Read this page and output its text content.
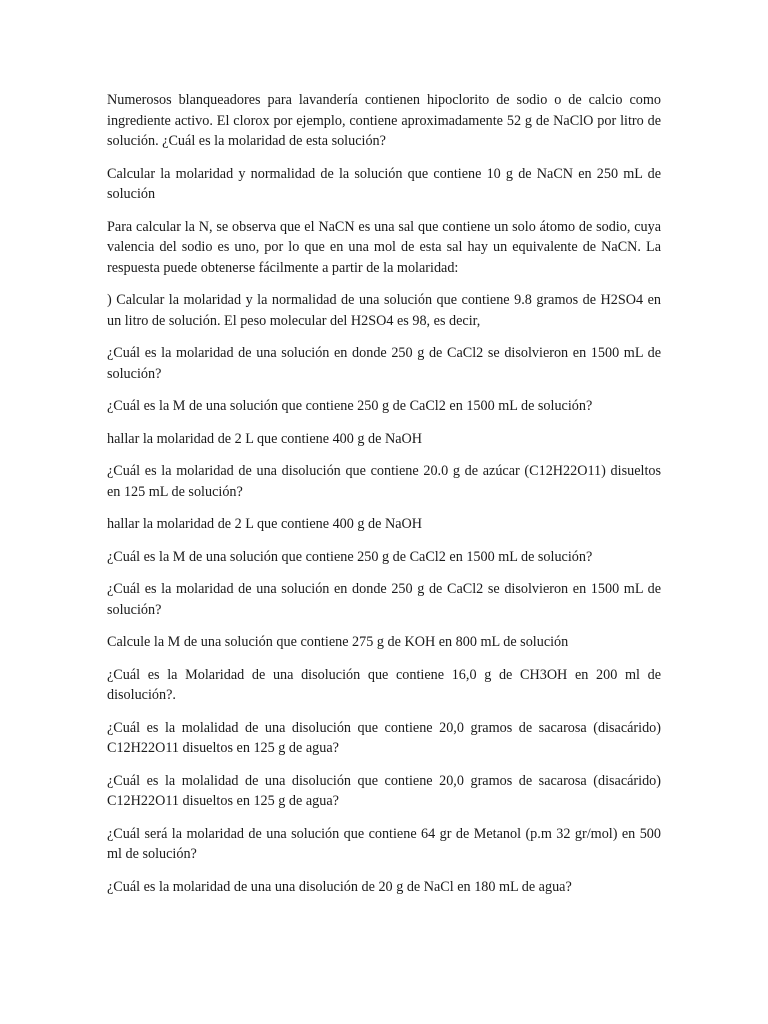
Numerosos blanqueadores para lavandería contienen hipoclorito de sodio o de calcio como ingrediente activo. El clorox por ejemplo, contiene aproximadamente 52 g de NaClO por litro de solución. ¿Cuál es la molaridad de esta solución?

Calcular la molaridad y normalidad de la solución que contiene 10 g de NaCN en 250 mL de solución

Para calcular la N, se observa que el NaCN es una sal que contiene un solo átomo de sodio, cuya valencia del sodio es uno, por lo que en una mol de esta sal hay un equivalente de NaCN. La respuesta puede obtenerse fácilmente a partir de la molaridad:

) Calcular la molaridad y la normalidad de una solución que contiene 9.8 gramos de H2SO4 en un litro de solución. El peso molecular del H2SO4 es 98, es decir,

¿Cuál es la molaridad de una solución en donde 250 g de CaCl2 se disolvieron en 1500 mL de solución?

¿Cuál es la M de una solución que contiene 250 g de CaCl2 en 1500 mL de solución?

hallar la molaridad de 2 L que contiene 400 g de NaOH

¿Cuál es la molaridad de una disolución que contiene 20.0 g de azúcar (C12H22O11) disueltos en 125 mL de solución?

hallar la molaridad de 2 L que contiene 400 g de NaOH

¿Cuál es la M de una solución que contiene 250 g de CaCl2 en 1500 mL de solución?

¿Cuál es la molaridad de una solución en donde 250 g de CaCl2 se disolvieron en 1500 mL de solución?

Calcule la M de una solución que contiene 275 g de KOH en 800 mL de solución

¿Cuál es la Molaridad de una disolución que contiene 16,0 g de CH3OH en 200 ml de disolución?.

¿Cuál es la molalidad de una disolución que contiene 20,0 gramos de sacarosa (disacárido) C12H22O11 disueltos en 125 g de agua?

¿Cuál es la molalidad de una disolución que contiene 20,0 gramos de sacarosa (disacárido) C12H22O11 disueltos en 125 g de agua?

¿Cuál será la molaridad de una solución que contiene 64 gr de Metanol (p.m 32 gr/mol) en 500 ml de solución?

¿Cuál es la molaridad de una una disolución de 20 g de NaCl en 180 mL de agua?
